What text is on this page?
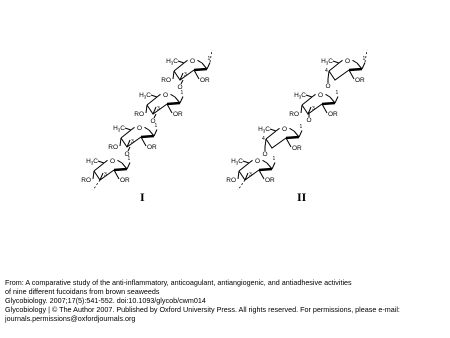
O
$H_3C$	1
OR
3
RO
O
O
$H_3C$	1
OR
3
RO
O
O
$H_3C$	1
OR
3
RO
O
O
$H_3C$	1
OR
3
RO
O
$H_3C$	1
OR
4
O
O
$H_3C$	1
OR
3
RO
O
O
$H_3C$	1
OR
4
O
O
$H_3C$	1
OR
3
RO
I	II
From: A comparative study of the anti-inflammatory, anticoagulant, antiangiogenic, and antiadhesive activities
of nine different fucoidans from brown seaweeds
Glycobiology. 2007;17(5):541-552. doi:10.1093/glycob/cwm014
Glycobiology | © The Author 2007. Published by Oxford University Press. All rights reserved. For permissions, please e-mail:
journals.permissions@oxfordjournals.org
